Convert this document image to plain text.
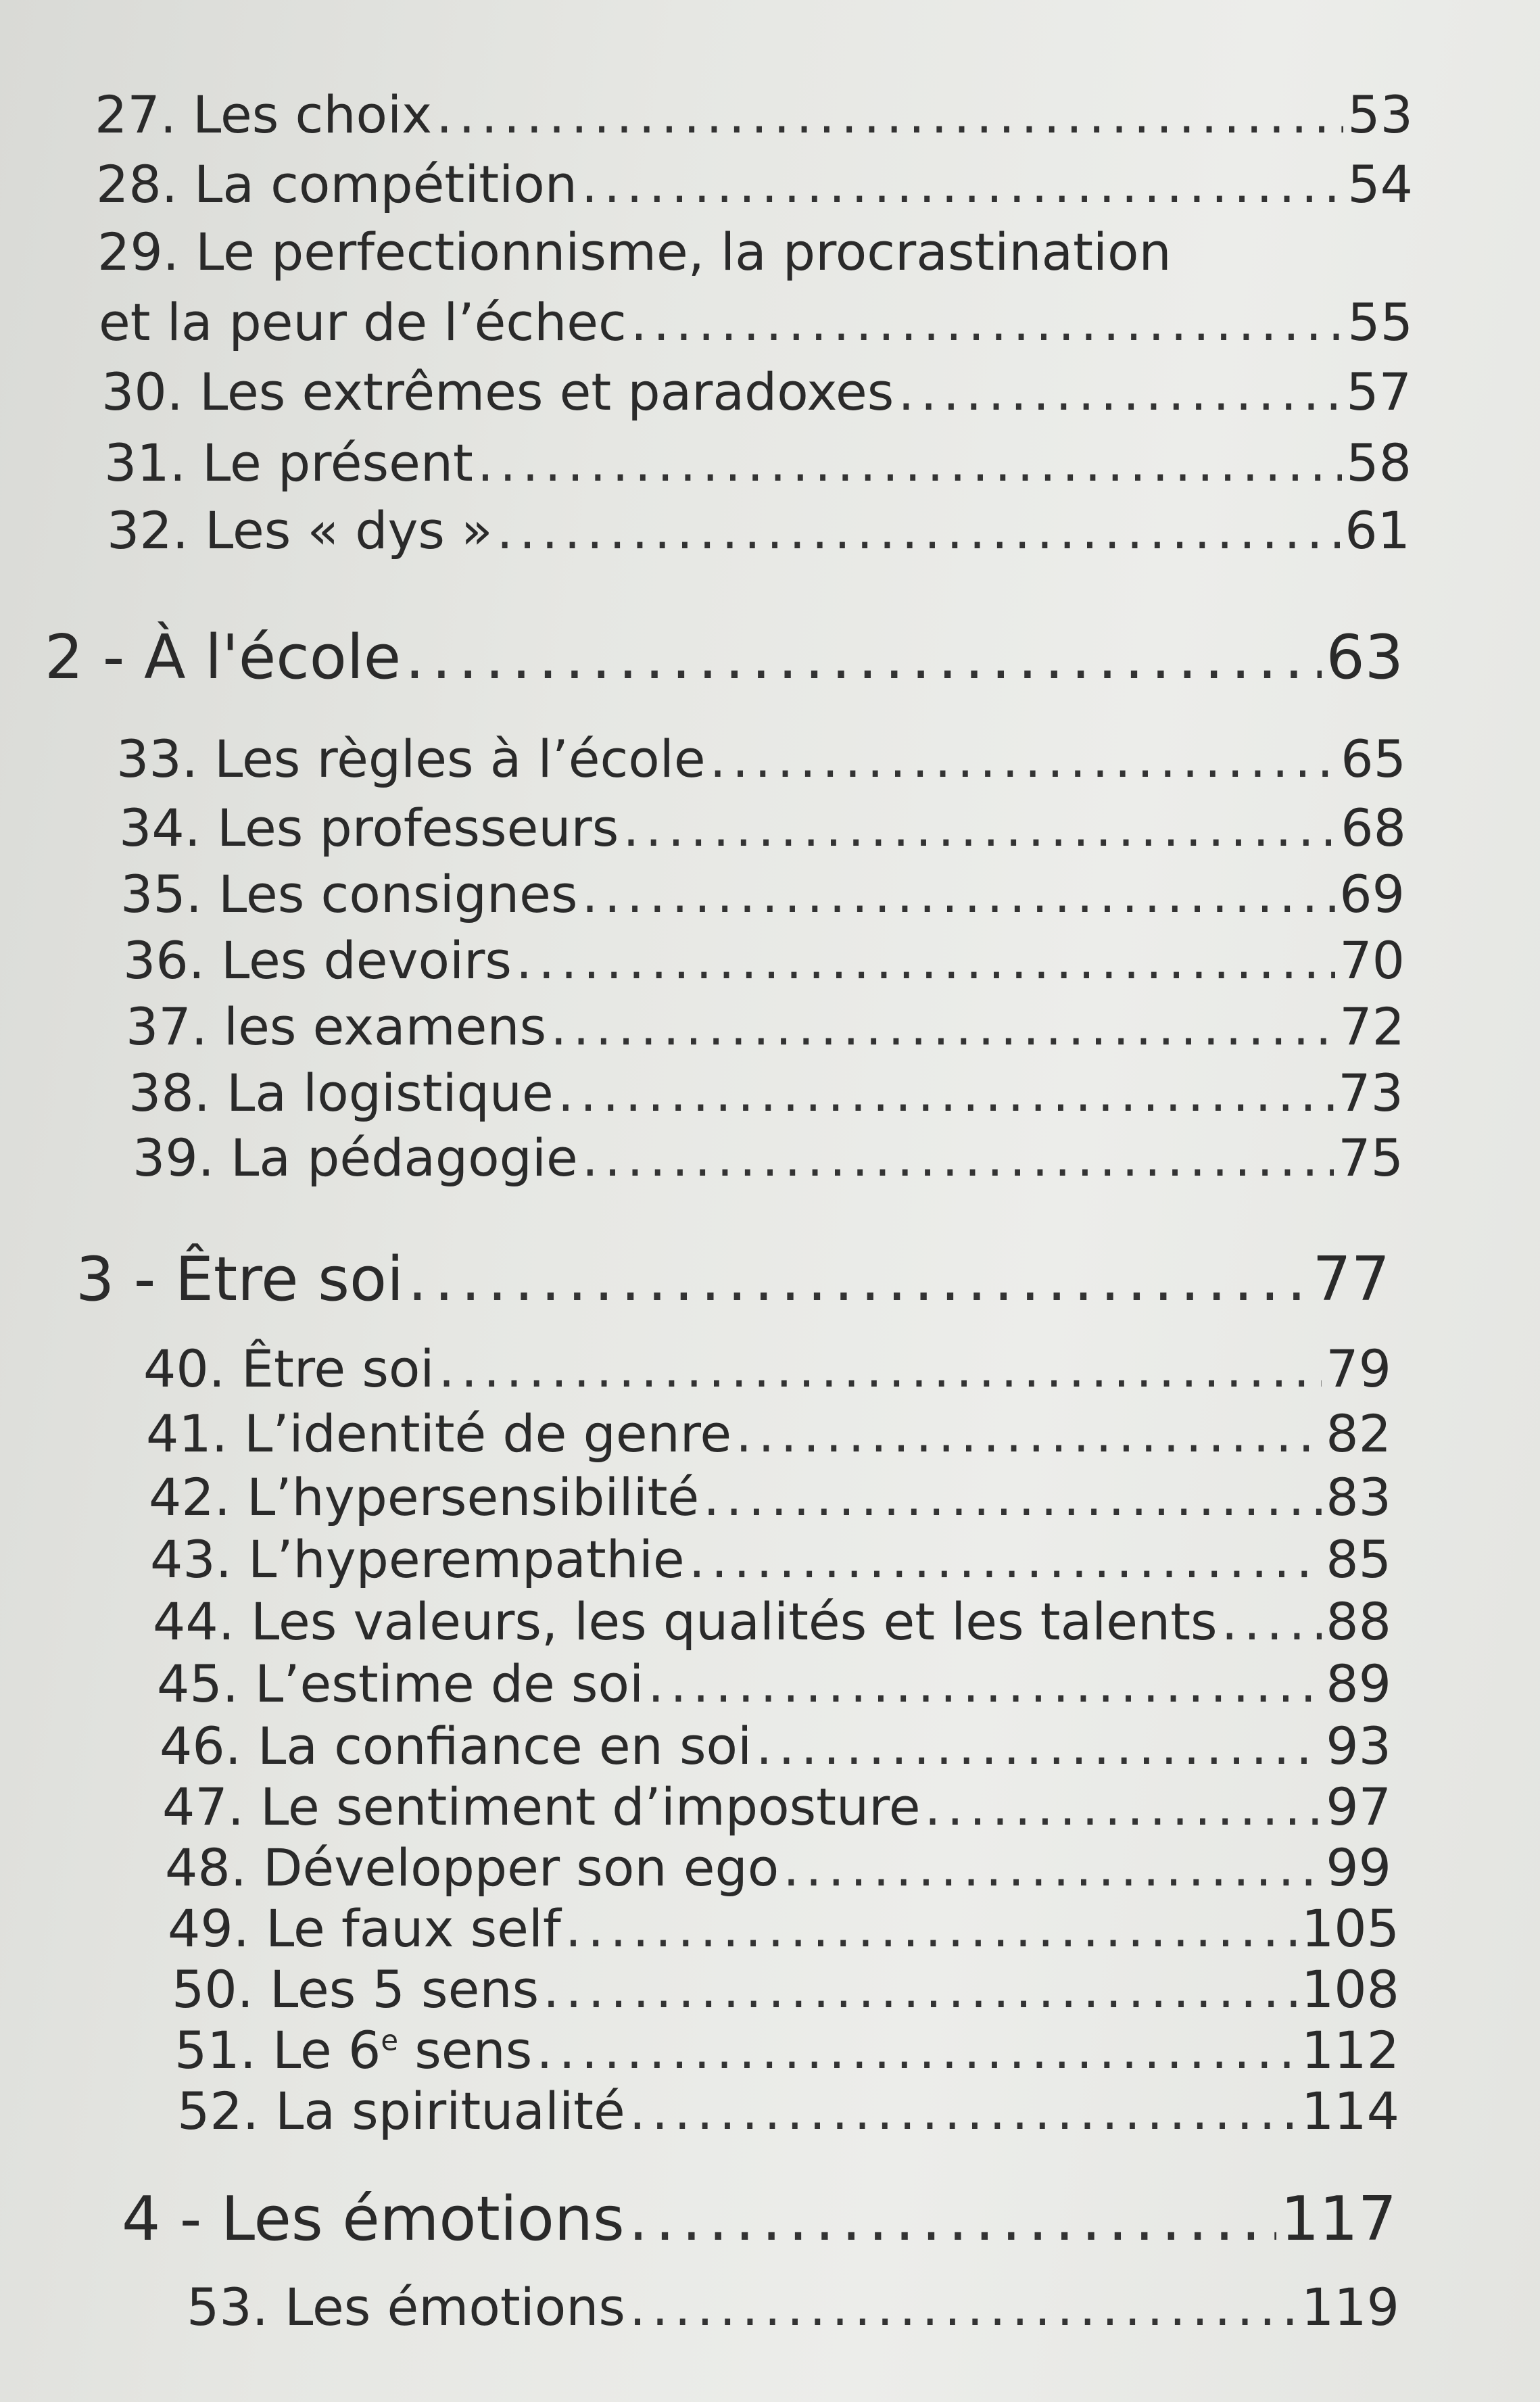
27. Les choix .....	53
28. La compétition .....	54
29. Le perfectionnisme, la procrastination
et la peur de l’échec .....	55
30. Les extrêmes et paradoxes .....	57
31. Le présent .....	58
32. Les « dys » .....	61
2 - À l'école .....	63
33. Les règles à l’école .....	65
34. Les professeurs .....	68
35. Les consignes .....	69
36. Les devoirs .....	70
37. les examens .....	72
38. La logistique .....	73
39. La pédagogie .....	75
3 - Être soi .....	77
40. Être soi .....	79
41. L’identité de genre .....	82
42. L’hypersensibilité .....	83
43. L’hyperempathie .....	85
44. Les valeurs, les qualités et les talents ..... 88
45. L’estime de soi .....	89
46. La confiance en soi .....	93
47. Le sentiment d’imposture .....	97
48. Développer son ego .....	99
49. Le faux self .....	105
50. Les 5 sens .....	108
51. Le 6e sens .....	112
52. La spiritualité .....	114
4 - Les émotions .....	117
53. Les émotions .....	119
